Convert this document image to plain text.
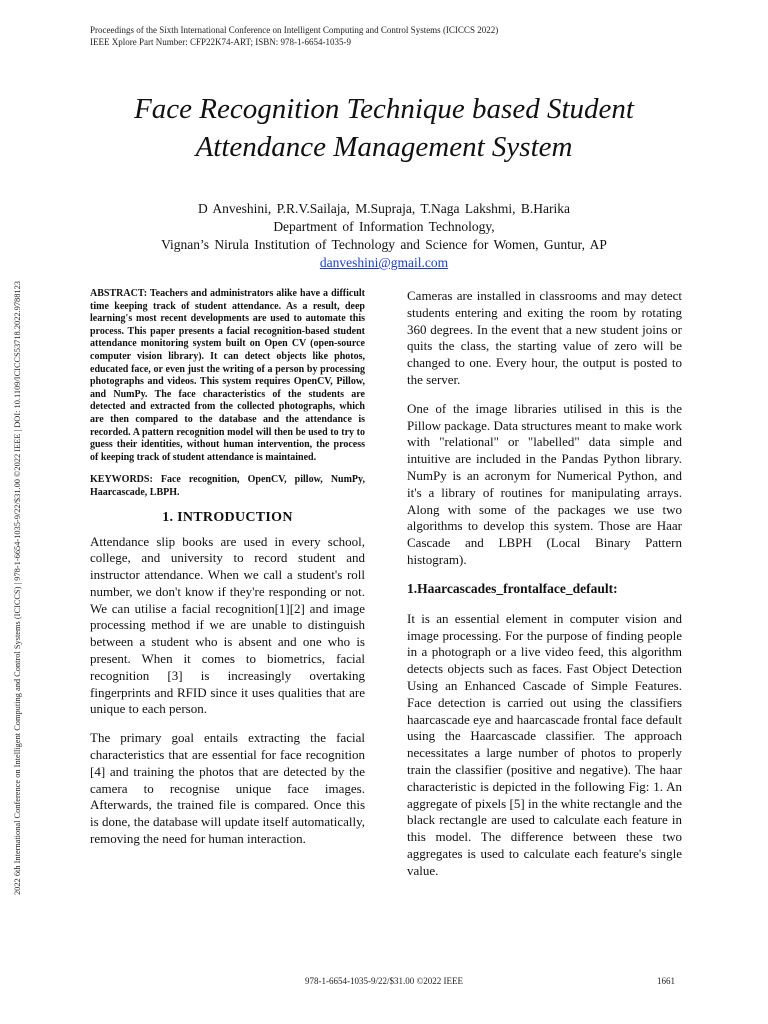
Proceedings of the Sixth International Conference on Intelligent Computing and Control Systems (ICICCS 2022)
IEEE Xplore Part Number: CFP22K74-ART; ISBN: 978-1-6654-1035-9
2022 6th International Conference on Intelligent Computing and Control Systems (ICICCS) | 978-1-6654-1035-9/22/$31.00 ©2022 IEEE | DOI: 10.1109/ICICCS53718.2022.9788123
Face Recognition Technique based Student
Attendance Management System
D Anveshini, P.R.V.Sailaja, M.Supraja, T.Naga Lakshmi, B.Harika
Department of Information Technology,
Vignan’s Nirula Institution of Technology and Science for Women, Guntur, AP
danveshini@gmail.com

ABSTRACT: Teachers and administrators alike have a difficult time keeping track of student attendance. As a result, deep learning's most recent developments are used to automate this process. This paper presents a facial recognition-based student attendance monitoring system built on Open CV (open-source computer vision library). It can detect objects like photos, educated face, or even just the writing of a person by processing photographs and videos. This system requires OpenCV, Pillow, and NumPy. The face characteristics of the students are detected and extracted from the collected photographs, which are then compared to the database and the attendance is recorded. A pattern recognition model will then be used to try to guess their identities, without human intervention, the process of keeping track of student attendance is maintained.

KEYWORDS: Face recognition, OpenCV, pillow, NumPy, Haarcascade, LBPH.

1. INTRODUCTION

Attendance slip books are used in every school, college, and university to record student and instructor attendance. When we call a student's roll number, we don't know if they're responding or not. We can utilise a facial recognition[1][2] and image processing method if we are unable to distinguish between a student who is absent and one who is present. When it comes to biometrics, facial recognition [3] is increasingly overtaking fingerprints and RFID since it uses qualities that are unique to each person.

The primary goal entails extracting the facial characteristics that are essential for face recognition [4] and training the photos that are detected by the camera to recognise unique face images. Afterwards, the trained file is compared. Once this is done, the database will update itself automatically, removing the need for human interaction.

Cameras are installed in classrooms and may detect students entering and exiting the room by rotating 360 degrees. In the event that a new student joins or quits the class, the starting value of zero will be changed to one. Every hour, the output is posted to the server.

One of the image libraries utilised in this is the Pillow package. Data structures meant to make work with "relational" or "labelled" data simple and intuitive are included in the Pandas Python library. NumPy is an acronym for Numerical Python, and it's a library of routines for manipulating arrays. Along with some of the packages we use two algorithms to develop this system. Those are Haar Cascade and LBPH (Local Binary Pattern histogram).

1.Haarcascades_frontalface_default:

It is an essential element in computer vision and image processing. For the purpose of finding people in a photograph or a live video feed, this algorithm detects objects such as faces. Fast Object Detection Using an Enhanced Cascade of Simple Features. Face detection is carried out using the classifiers haarcascade eye and haarcascade frontal face default using the Haarcascade classifier. The approach necessitates a large number of photos to properly train the classifier (positive and negative). The haar characteristic is depicted in the following Fig: 1. An aggregate of pixels [5] in the white rectangle and the black rectangle are used to calculate each feature in this model. The difference between these two aggregates is used to calculate each feature's single value.

978-1-6654-1035-9/22/$31.00 ©2022 IEEE	1661
